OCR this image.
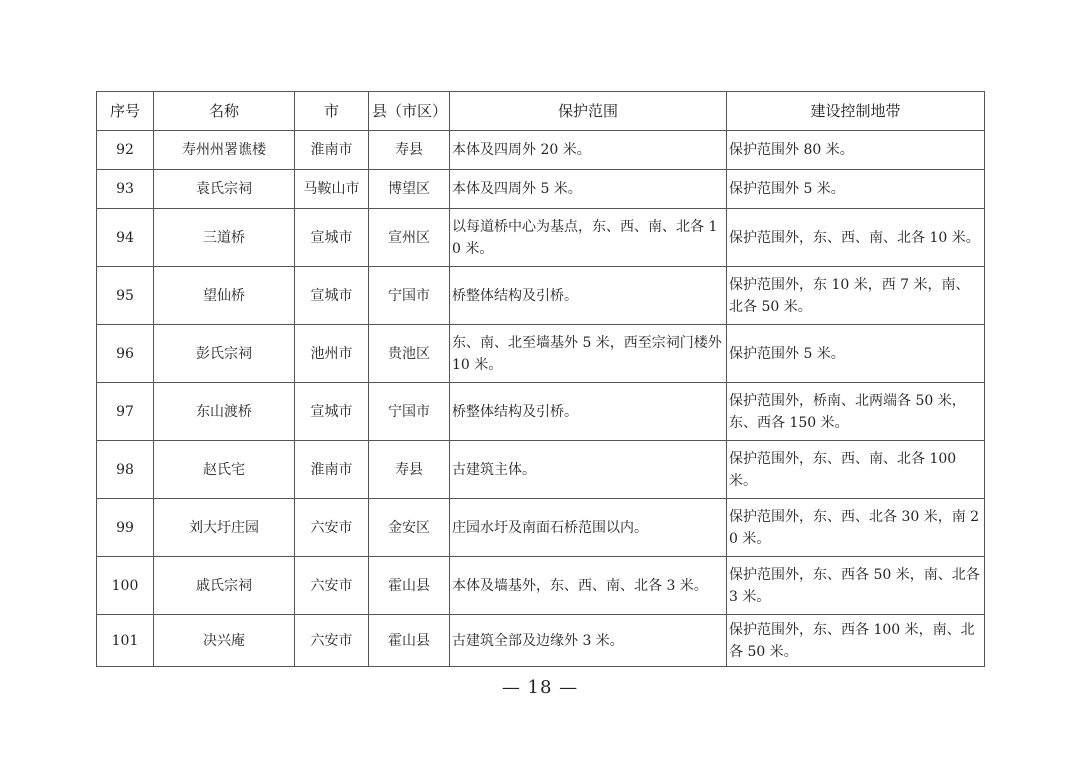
序号	名称	市	县（市区）	保护范围	建设控制地带
92	寿州州署谯楼	淮南市	寿县	本体及四周外 20 米。	保护范围外 80 米。
93	袁氏宗祠	马鞍山市	博望区	本体及四周外 5 米。	保护范围外 5 米。
94	三道桥	宣城市	宣州区	以每道桥中心为基点，东、西、南、北各 10 米。	保护范围外，东、西、南、北各 10 米。
95	望仙桥	宣城市	宁国市	桥整体结构及引桥。	保护范围外，东 10 米，西 7 米，南、北各 50 米。
96	彭氏宗祠	池州市	贵池区	东、南、北至墙基外 5 米，西至宗祠门楼外 10 米。	保护范围外 5 米。
97	东山渡桥	宣城市	宁国市	桥整体结构及引桥。	保护范围外，桥南、北两端各 50 米，东、西各 150 米。
98	赵氏宅	淮南市	寿县	古建筑主体。	保护范围外，东、西、南、北各 100 米。
99	刘大圩庄园	六安市	金安区	庄园水圩及南面石桥范围以内。	保护范围外，东、西、北各 30 米，南 20 米。
100	戚氏宗祠	六安市	霍山县	本体及墙基外，东、西、南、北各 3 米。	保护范围外，东、西各 50 米，南、北各 3 米。
101	决兴庵	六安市	霍山县	古建筑全部及边缘外 3 米。	保护范围外，东、西各 100 米，南、北各 50 米。
— 18 —
